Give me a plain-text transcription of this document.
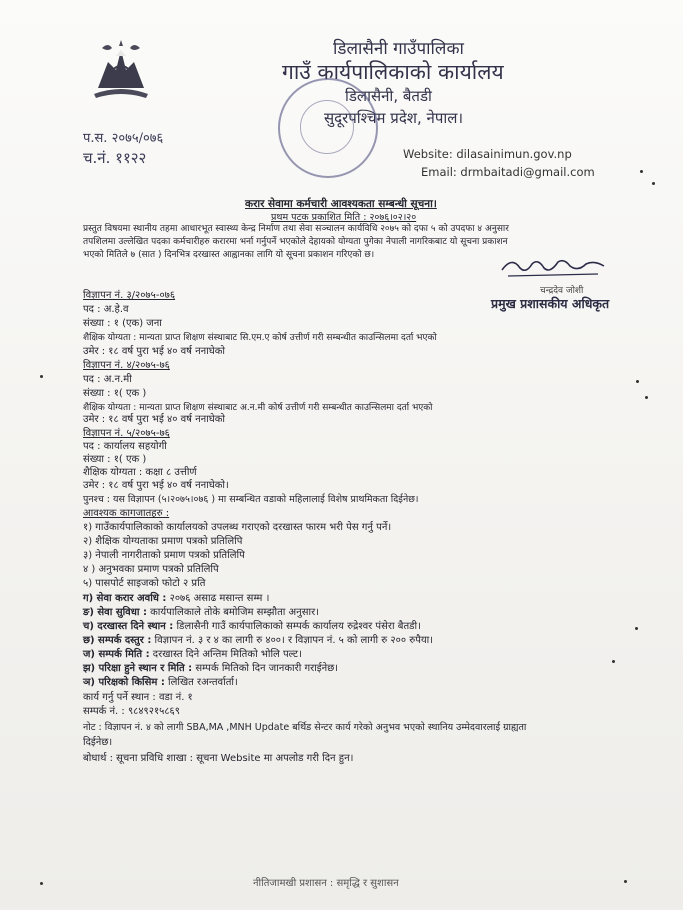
डिलासैनी गाउँपालिका
गाउँ कार्यपालिकाको कार्यालय
डिलासैनी, बैतडी
सुदूरपश्चिम प्रदेश, नेपाल।
प.स. २०७५/०७६
च.नं. ११२२	Website: dilasainimun.gov.np
Email: drmbaitadi@gmail.com
करार सेवामा कर्मचारी आवश्यकता सम्बन्धी सूचना।
प्रथम पटक प्रकाशित मिति : २०७६।०२।२०
प्रस्तुत विषयमा स्थानीय तहमा आधारभूत स्वास्थ्य केन्द्र निर्माण तथा सेवा सञ्चालन कार्यविधि २०७५ को दफा ५ को उपदफा ४ अनुसार
तपशिलमा उल्लेखित पदका कर्मचारीहरु करारमा भर्ना गर्नुपर्ने भएकोले देहायको योग्यता पुगेका नेपाली नागरिकबाट यो सूचना प्रकाशन
भएको मितिले ७ (सात ) दिनभित्र दरखास्त आह्वानका लागि यो सूचना प्रकाशन गरिएको छ।
चन्द्रदेव जोशी
प्रमुख प्रशासकीय अधिकृत
विज्ञापन नं. ३/२०७५-०७६
पद : अ.हे.व
संख्या : १ (एक) जना
शैक्षिक योग्यता : मान्यता प्राप्त शिक्षण संस्थाबाट सि.एम.ए कोर्ष उत्तीर्ण गरी सम्बन्धीत काउन्सिलमा दर्ता भएको
उमेर : १८ वर्ष पुरा भई ४० वर्ष ननाघेको
विज्ञापन नं. ४/२०७५-७६
पद : अ.न.मी
संख्या : १( एक )
शैक्षिक योग्यता : मान्यता प्राप्त शिक्षण संस्थाबाट अ.न.मी कोर्ष उत्तीर्ण गरी सम्बन्धीत काउन्सिलमा दर्ता भएको
उमेर : १८ वर्ष पुरा भई ४० वर्ष ननाघेको
विज्ञापन नं. ५/२०७५-७६
पद : कार्यालय सहयोगी
संख्या : १( एक )
शैक्षिक योग्यता : कक्षा ८ उत्तीर्ण
उमेर : १८ वर्ष पुरा भई ४० वर्ष ननाघेको।
पुनश्च : यस विज्ञापन (५।२०७५।०७६ ) मा सम्बन्धित वडाको महिलालाई विशेष प्राथमिकता दिईनेछ।
आवश्यक कागजातहरु :
१) गाउँकार्यपालिकाको कार्यालयको उपलब्ध गराएको दरखास्त फारम भरी पेस गर्नु पर्ने।
२) शैक्षिक योग्यताका प्रमाण पत्रको प्रतिलिपि
३) नेपाली नागरीताको प्रमाण पत्रको प्रतिलिपि
४ ) अनुभवका प्रमाण पत्रको प्रतिलिपि
५) पासपोर्ट साइजको फोटो २ प्रति
ग) सेवा करार अवधि : २०७६ असाढ मसान्त सम्म ।
ङ) सेवा सुविधा : कार्यपालिकाले तोके बमोजिम सम्झौता अनुसार।
च) दरखास्त दिने स्थान : डिलासैनी गाउँ कार्यपालिकाको सम्पर्क कार्यालय रुद्रेश्वर पंसेरा बैतडी।
छ) सम्पर्क दस्तुर : विज्ञापन नं. ३ र ४ का लागी रु ४००। र विज्ञापन नं. ५ को लागी रु २०० रुपैया।
ज) सम्पर्क मिति : दरखास्त दिने अन्तिम मितिको भोलि पल्ट।
झ) परिक्षा हुने स्थान र मिति : सम्पर्क मितिको दिन जानकारी गराईनेछ।
ञ) परिक्षको किसिम : लिखित रअन्तर्वार्ता।
कार्य गर्नु पर्ने स्थान : वडा नं. १
सम्पर्क नं. : ९८४९२१५८६९
नोट : विज्ञापन नं. ४ को लागी SBA,MA ,MNH Update बर्थिड सेन्टर कार्य गरेको अनुभव भएको स्थानिय उम्मेदवारलाई ग्राह्यता
दिईनेछ।
बोधार्थ : सूचना प्रविधि शाखा : सूचना Website मा अपलोड गरी दिन हुन।
नीतिजामखी प्रशासन : समृद्धि र सुशासन
